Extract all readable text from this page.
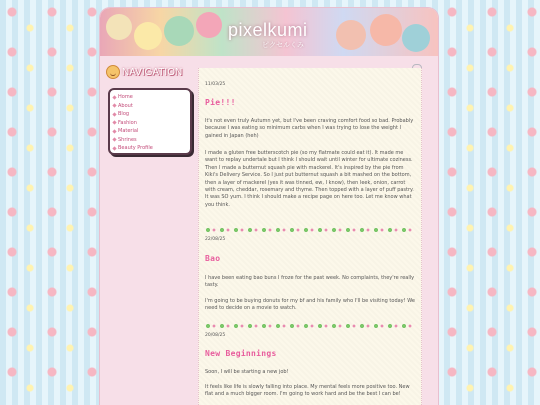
pixelkumi
ピクセルくみ
NAVIGATION
Home
About
Blog
Fashion
Material
Shrines
Beauty Profile
11/03/25
Pie!!!

It's not even truly Autumn yet, but I've been craving comfort food so bad. Probably because I was eating so minimum carbs when I was trying to lose the weight I gained in Japan (heh)

I made a gluten free butterscotch pie (so my flatmate could eat it). It made me want to replay undertale but I think I should wait until winter for ultimate coziness. Then I made a butternut squash pie with mackerel. It's inspired by the pie from Kiki's Delivery Service. So I just put butternut squash a bit mashed on the bottom, then a layer of mackerel (yes it was tinned, ew, I know), then leek, onion, carrot with cream, cheddar, rosemary and thyme. Then topped with a layer of puff pastry. It was SO yum. I think I should make a recipe page on here too. Let me know what you think.

22/08/25
Bao

I have been eating bao buns I froze for the past week. No complaints, they're really tasty.

I'm going to be buying donuts for my bf and his family who I'll be visiting today! We need to decide on a movie to watch.

20/08/25
New Beginnings

Soon, I will be starting a new job!

It feels like life is slowly falling into place. My mental feels more positive too. New flat and a much bigger room. I'm going to work hard and be the best I can be!
